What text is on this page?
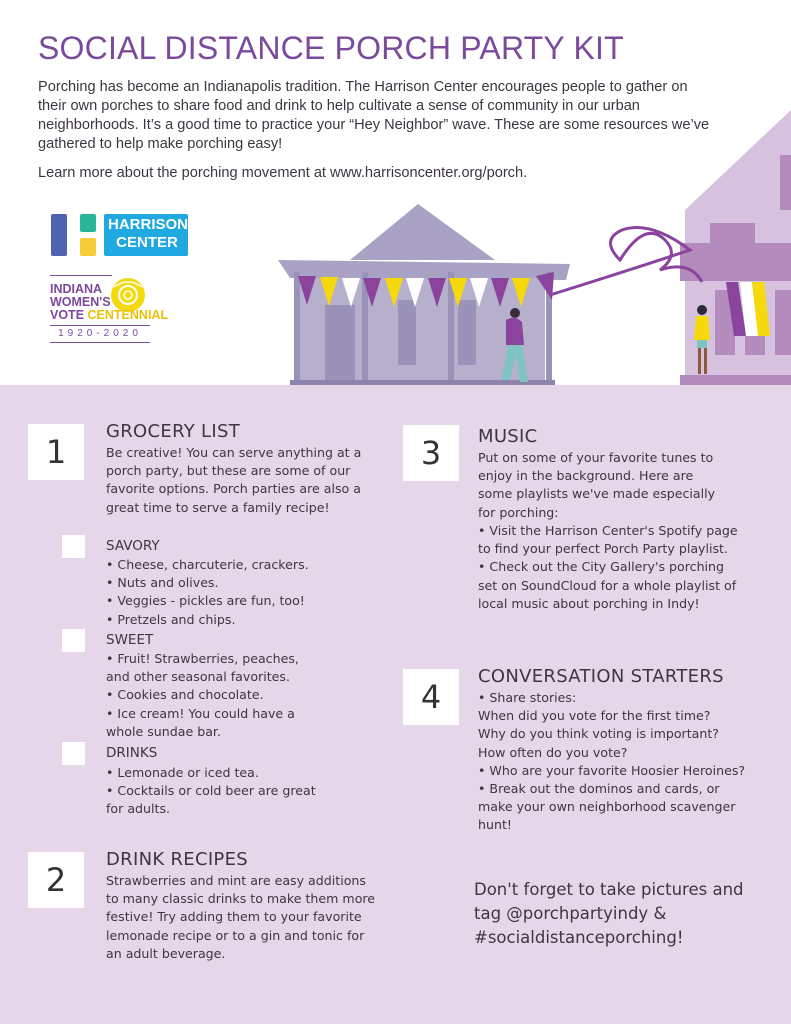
SOCIAL DISTANCE PORCH PARTY KIT
Porching has become an Indianapolis tradition. The Harrison Center encourages people to gather on their own porches to share food and drink to help cultivate a sense of community in our urban neighborhoods. It’s a good time to practice your “Hey Neighbor” wave. These are some resources we’ve gathered to help make porching easy!
Learn more about the porching movement at www.harrisoncenter.org/porch.
HARRISON
CENTER
INDIANA
WOMEN'S
VOTE CENTENNIAL
1920-2020
1
GROCERY LIST
Be creative! You can serve anything at a porch party, but these are some of our favorite options. Porch parties are also a great time to serve a family recipe!
SAVORY
• Cheese, charcuterie, crackers.
• Nuts and olives.
• Veggies - pickles are fun, too!
• Pretzels and chips.
SWEET
• Fruit! Strawberries, peaches, and other seasonal favorites.
• Cookies and chocolate.
• Ice cream! You could have a whole sundae bar.
DRINKS
• Lemonade or iced tea.
• Cocktails or cold beer are great for adults.
2
DRINK RECIPES
Strawberries and mint are easy additions to many classic drinks to make them more festive! Try adding them to your favorite lemonade recipe or to a gin and tonic for an adult beverage.
3	MUSIC
Put on some of your favorite tunes to enjoy in the background. Here are some playlists we've made especially for porching:
• Visit the Harrison Center's Spotify page to find your perfect Porch Party playlist.
• Check out the City Gallery's porching set on SoundCloud for a whole playlist of local music about porching in Indy!
4
CONVERSATION STARTERS
• Share stories:
When did you vote for the first time?
Why do you think voting is important?
How often do you vote?
• Who are your favorite Hoosier Heroines?
• Break out the dominos and cards, or make your own neighborhood scavenger hunt!
Don't forget to take pictures and tag @porchpartyindy & #socialdistanceporching!
